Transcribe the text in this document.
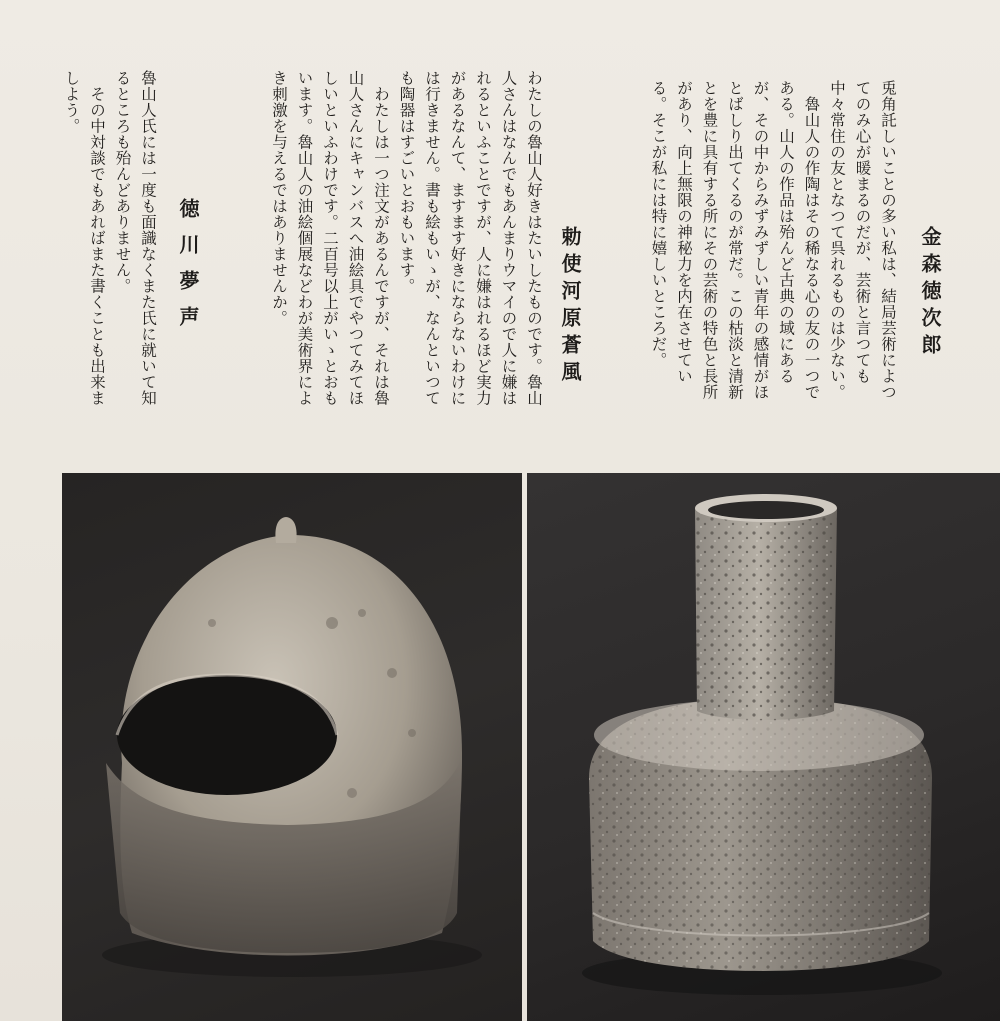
金森徳次郎
兎角託しいことの多い私は、結局芸術によつてのみ心が暖まるのだが、芸術と言つても中々常住の友となつて呉れるものは少ない。
　魯山人の作陶はその稀なる心の友の一つである。山人の作品は殆んど古典の域にあるが、その中からみずみずしい青年の感情がほとばしり出てくるのが常だ。この枯淡と清新とを豊に具有する所にその芸術の特色と長所があり、向上無限の神秘力を内在させている。そこが私には特に嬉しいところだ。
勅使河原蒼風
わたしの魯山人好きはたいしたものです。魯山人さんはなんでもあんまりウマイので人に嫌はれるといふことですが、人に嫌はれるほど実力があるなんて、ますます好きにならないわけには行きません。書も絵もいゝが、なんといつても陶器はすごいとおもいます。
　わたしは一つ注文があるんですが、それは魯山人さんにキャンバスへ油絵具でやつてみてほしいといふわけです。二百号以上がいゝとおもいます。魯山人の油絵個展などわが美術界によき刺激を与えるではありませんか。
徳川夢声
魯山人氏には一度も面識なくまた氏に就いて知るところも殆んどありません。
　その中対談でもあればまた書くことも出来ましよう。
